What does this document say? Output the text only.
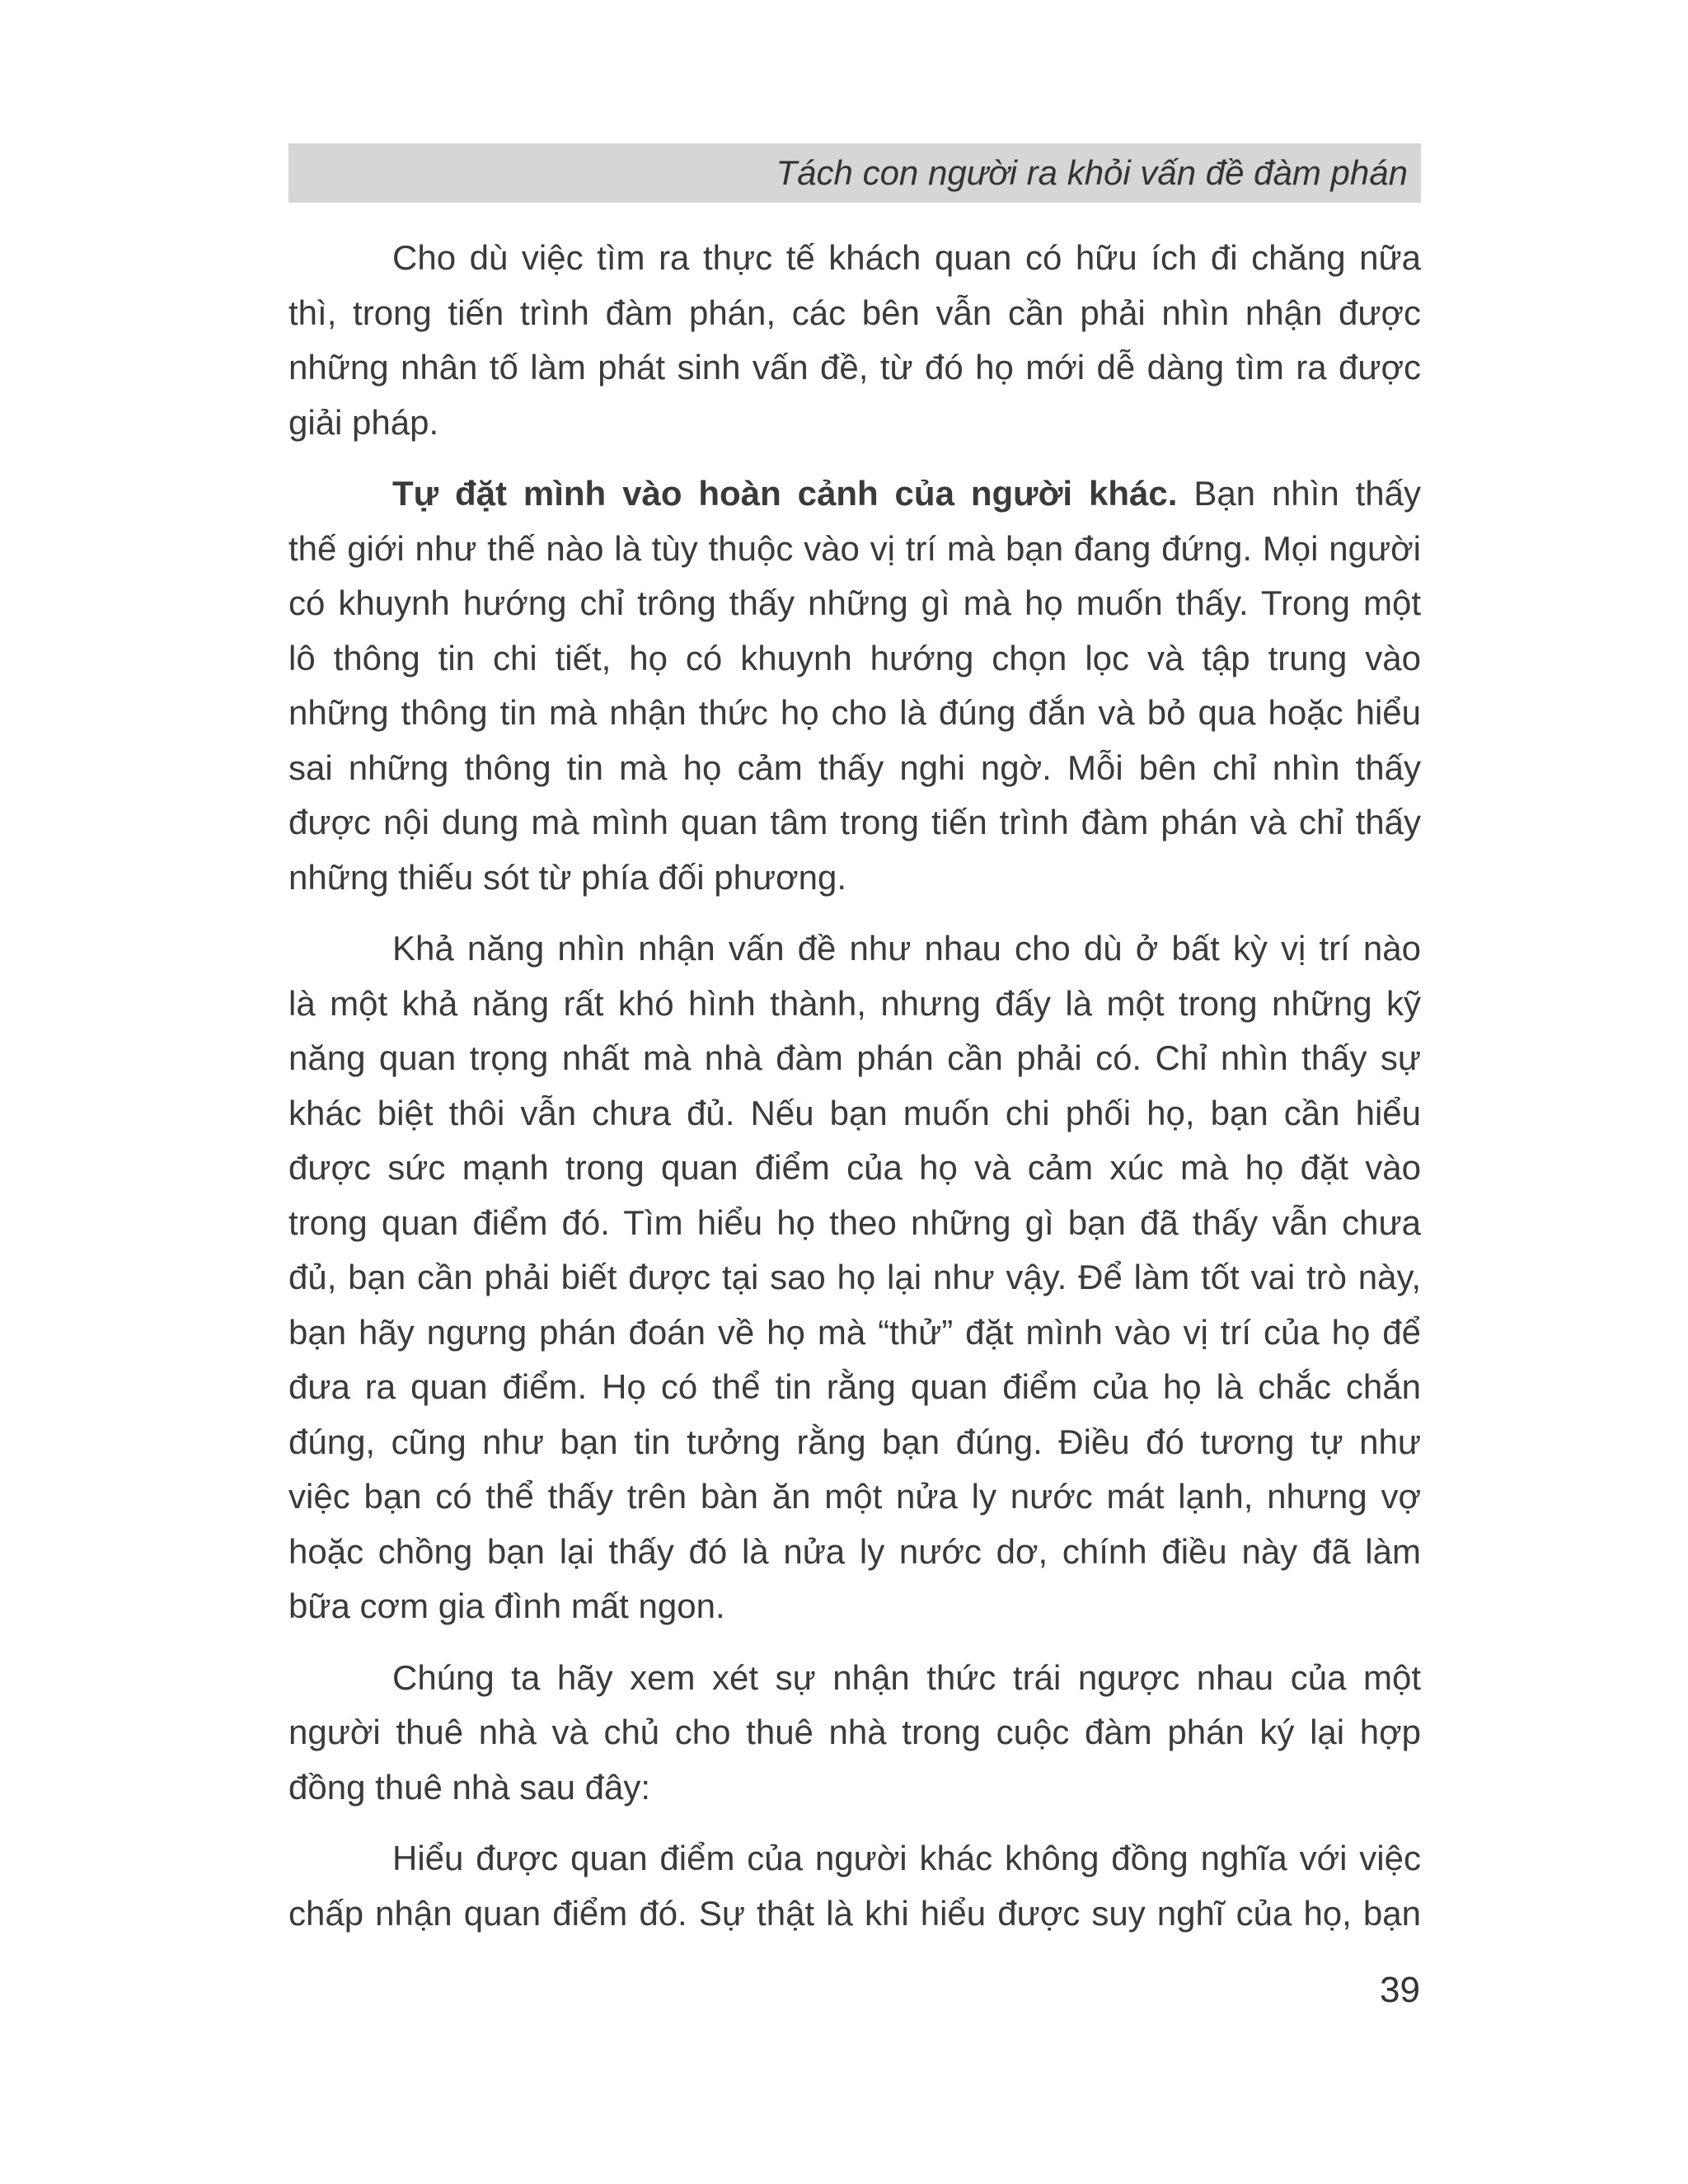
Tách con người ra khỏi vấn đề đàm phán
Cho dù việc tìm ra thực tế khách quan có hữu ích đi chăng nữa
thì, trong tiến trình đàm phán, các bên vẫn cần phải nhìn nhận được
những nhân tố làm phát sinh vấn đề, từ đó họ mới dễ dàng tìm ra được
giải pháp.
Tự đặt mình vào hoàn cảnh của người khác. Bạn nhìn thấy
thế giới như thế nào là tùy thuộc vào vị trí mà bạn đang đứng. Mọi người
có khuynh hướng chỉ trông thấy những gì mà họ muốn thấy. Trong một
lô thông tin chi tiết, họ có khuynh hướng chọn lọc và tập trung vào
những thông tin mà nhận thức họ cho là đúng đắn và bỏ qua hoặc hiểu
sai những thông tin mà họ cảm thấy nghi ngờ. Mỗi bên chỉ nhìn thấy
được nội dung mà mình quan tâm trong tiến trình đàm phán và chỉ thấy
những thiếu sót từ phía đối phương.
Khả năng nhìn nhận vấn đề như nhau cho dù ở bất kỳ vị trí nào
là một khả năng rất khó hình thành, nhưng đấy là một trong những kỹ
năng quan trọng nhất mà nhà đàm phán cần phải có. Chỉ nhìn thấy sự
khác biệt thôi vẫn chưa đủ. Nếu bạn muốn chi phối họ, bạn cần hiểu
được sức mạnh trong quan điểm của họ và cảm xúc mà họ đặt vào
trong quan điểm đó. Tìm hiểu họ theo những gì bạn đã thấy vẫn chưa
đủ, bạn cần phải biết được tại sao họ lại như vậy. Để làm tốt vai trò này,
bạn hãy ngưng phán đoán về họ mà “thử” đặt mình vào vị trí của họ để
đưa ra quan điểm. Họ có thể tin rằng quan điểm của họ là chắc chắn
đúng, cũng như bạn tin tưởng rằng bạn đúng. Điều đó tương tự như
việc bạn có thể thấy trên bàn ăn một nửa ly nước mát lạnh, nhưng vợ
hoặc chồng bạn lại thấy đó là nửa ly nước dơ, chính điều này đã làm
bữa cơm gia đình mất ngon.
Chúng ta hãy xem xét sự nhận thức trái ngược nhau của một
người thuê nhà và chủ cho thuê nhà trong cuộc đàm phán ký lại hợp
đồng thuê nhà sau đây:
Hiểu được quan điểm của người khác không đồng nghĩa với việc
chấp nhận quan điểm đó. Sự thật là khi hiểu được suy nghĩ của họ, bạn
39
